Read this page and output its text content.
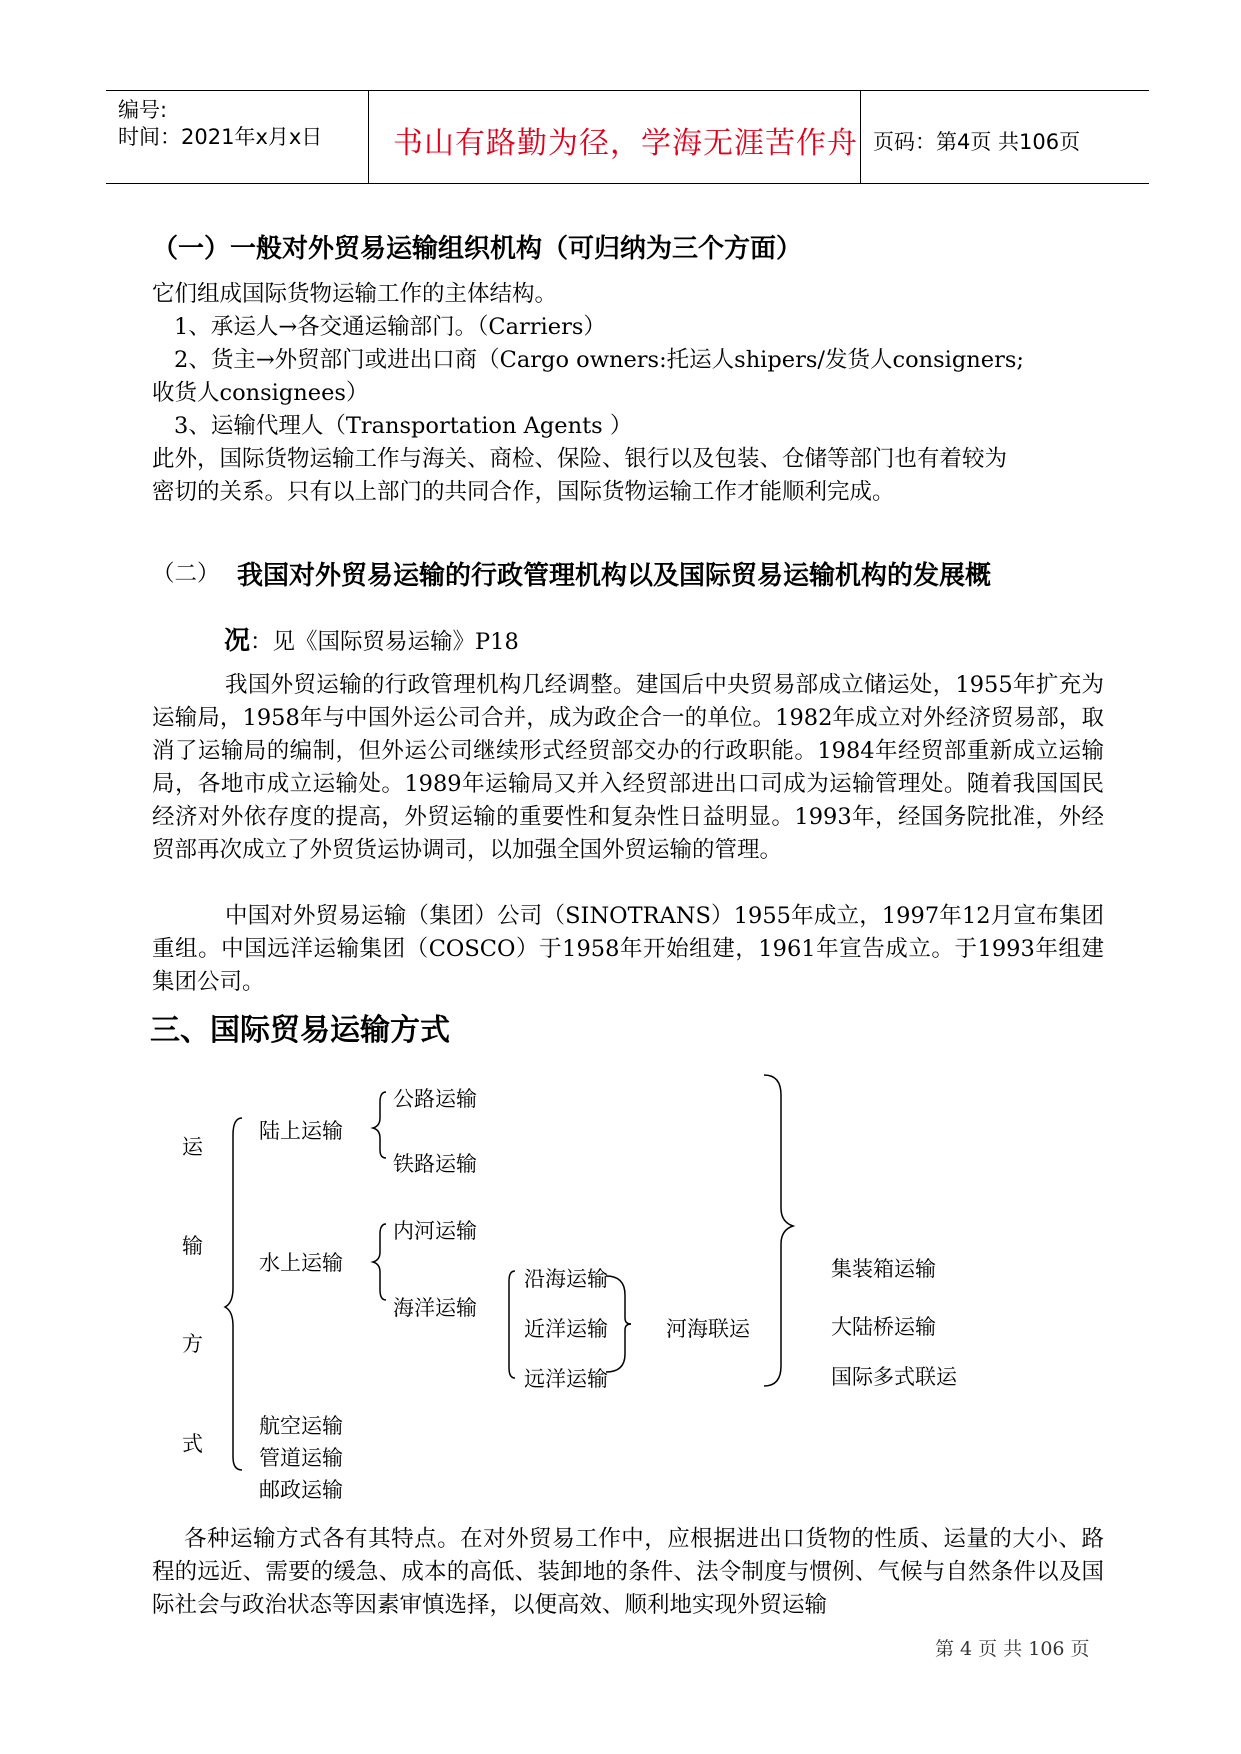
编号:
时间：2021年x月x日 书山有路勤为径，学海无涯苦作舟 页码：第4页 共106页
（一）一般对外贸易运输组织机构（可归纳为三个方面）
它们组成国际货物运输工作的主体结构。
1、承运人→各交通运输部门。（Carriers）
2、货主→外贸部门或进出口商（Cargo owners:托运人shipers/发货人consigners;
收货人consignees）
3、运输代理人（Transportation Agents ）
此外，国际货物运输工作与海关、商检、保险、银行以及包装、仓储等部门也有着较为
密切的关系。只有以上部门的共同合作，国际货物运输工作才能顺利完成。
（二） 我国对外贸易运输的行政管理机构以及国际贸易运输机构的发展概
况：见《国际贸易运输》P18
我国外贸运输的行政管理机构几经调整。建国后中央贸易部成立储运处，1955年扩充为运输局，1958年与中国外运公司合并，成为政企合一的单位。1982年成立对外经济贸易部，取消了运输局的编制，但外运公司继续形式经贸部交办的行政职能。1984年经贸部重新成立运输局，各地市成立运输处。1989年运输局又并入经贸部进出口司成为运输管理处。随着我国国民经济对外依存度的提高，外贸运输的重要性和复杂性日益明显。1993年，经国务院批准，外经贸部再次成立了外贸货运协调司，以加强全国外贸运输的管理。
中国对外贸易运输（集团）公司（SINOTRANS）1955年成立，1997年12月宣布集团重组。中国远洋运输集团（COSCO）于1958年开始组建，1961年宣告成立。于1993年组建集团公司。
三、国际贸易运输方式
运
输
方
式
陆上运输
公路运输
铁路运输
水上运输
内河运输
海洋运输
沿海运输
近洋运输
远洋运输
河海联运
航空运输
管道运输
邮政运输
集装箱运输
大陆桥运输
国际多式联运
各种运输方式各有其特点。在对外贸易工作中，应根据进出口货物的性质、运量的大小、路程的远近、需要的缓急、成本的高低、装卸地的条件、法令制度与惯例、气候与自然条件以及国际社会与政治状态等因素审慎选择，以便高效、顺利地实现外贸运输
第 4 页 共 106 页
